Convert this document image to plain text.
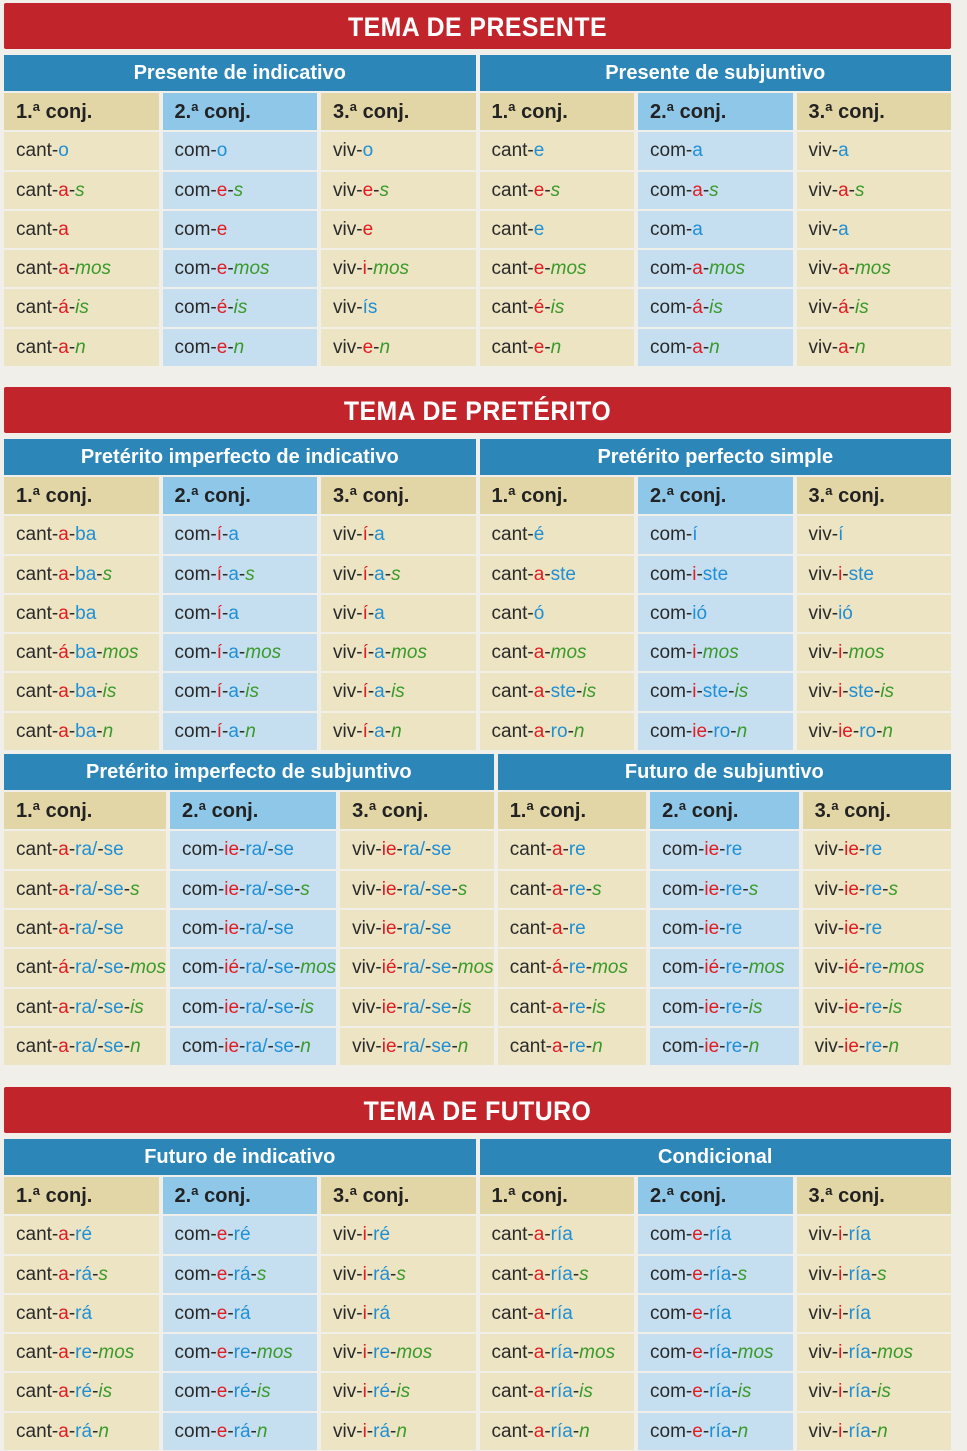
TEMA DE PRESENTE
Presente de indicativo
1.ª conj.	2.ª conj.	3.ª conj.
cant-o	com-o	viv-o
cant-a-s	com-e-s	viv-e-s
cant-a	com-e	viv-e
cant-a-mos	com-e-mos	viv-i-mos
cant-á-is	com-é-is	viv-ís
cant-a-n	com-e-n	viv-e-n
Presente de subjuntivo
1.ª conj.	2.ª conj.	3.ª conj.
cant-e	com-a	viv-a
cant-e-s	com-a-s	viv-a-s
cant-e	com-a	viv-a
cant-e-mos	com-a-mos	viv-a-mos
cant-é-is	com-á-is	viv-á-is
cant-e-n	com-a-n	viv-a-n
TEMA DE PRETÉRITO
Pretérito imperfecto de indicativo
1.ª conj.	2.ª conj.	3.ª conj.
cant-a-ba	com-í-a	viv-í-a
cant-a-ba-s	com-í-a-s	viv-í-a-s
cant-a-ba	com-í-a	viv-í-a
cant-á-ba-mos	com-í-a-mos	viv-í-a-mos
cant-a-ba-is	com-í-a-is	viv-í-a-is
cant-a-ba-n	com-í-a-n	viv-í-a-n
Pretérito perfecto simple
1.ª conj.	2.ª conj.	3.ª conj.
cant-é	com-í	viv-í
cant-a-ste	com-i-ste	viv-i-ste
cant-ó	com-ió	viv-ió
cant-a-mos	com-i-mos	viv-i-mos
cant-a-ste-is	com-i-ste-is	viv-i-ste-is
cant-a-ro-n	com-ie-ro-n	viv-ie-ro-n
Pretérito imperfecto de subjuntivo
1.ª conj.	2.ª conj.	3.ª conj.
cant-a-ra/-se	com-ie-ra/-se	viv-ie-ra/-se
cant-a-ra/-se-s	com-ie-ra/-se-s	viv-ie-ra/-se-s
cant-a-ra/-se	com-ie-ra/-se	viv-ie-ra/-se
cant-á-ra/-se-mos com-ié-ra/-se-mos viv-ié-ra/-se-mos
cant-a-ra/-se-is	com-ie-ra/-se-is	viv-ie-ra/-se-is
cant-a-ra/-se-n	com-ie-ra/-se-n	viv-ie-ra/-se-n
Futuro de subjuntivo
1.ª conj.	2.ª conj.	3.ª conj.
cant-a-re	com-ie-re	viv-ie-re
cant-a-re-s	com-ie-re-s	viv-ie-re-s
cant-a-re	com-ie-re	viv-ie-re
cant-á-re-mos	com-ié-re-mos	viv-ié-re-mos
cant-a-re-is	com-ie-re-is	viv-ie-re-is
cant-a-re-n	com-ie-re-n	viv-ie-re-n
TEMA DE FUTURO
Futuro de indicativo
1.ª conj.	2.ª conj.	3.ª conj.
cant-a-ré	com-e-ré	viv-i-ré
cant-a-rá-s	com-e-rá-s	viv-i-rá-s
cant-a-rá	com-e-rá	viv-i-rá
cant-a-re-mos	com-e-re-mos	viv-i-re-mos
cant-a-ré-is	com-e-ré-is	viv-i-ré-is
cant-a-rá-n	com-e-rá-n	viv-i-rá-n
Condicional
1.ª conj.	2.ª conj.	3.ª conj.
cant-a-ría	com-e-ría	viv-i-ría
cant-a-ría-s	com-e-ría-s	viv-i-ría-s
cant-a-ría	com-e-ría	viv-i-ría
cant-a-ría-mos	com-e-ría-mos	viv-i-ría-mos
cant-a-ría-is	com-e-ría-is	viv-i-ría-is
cant-a-ría-n	com-e-ría-n	viv-i-ría-n
